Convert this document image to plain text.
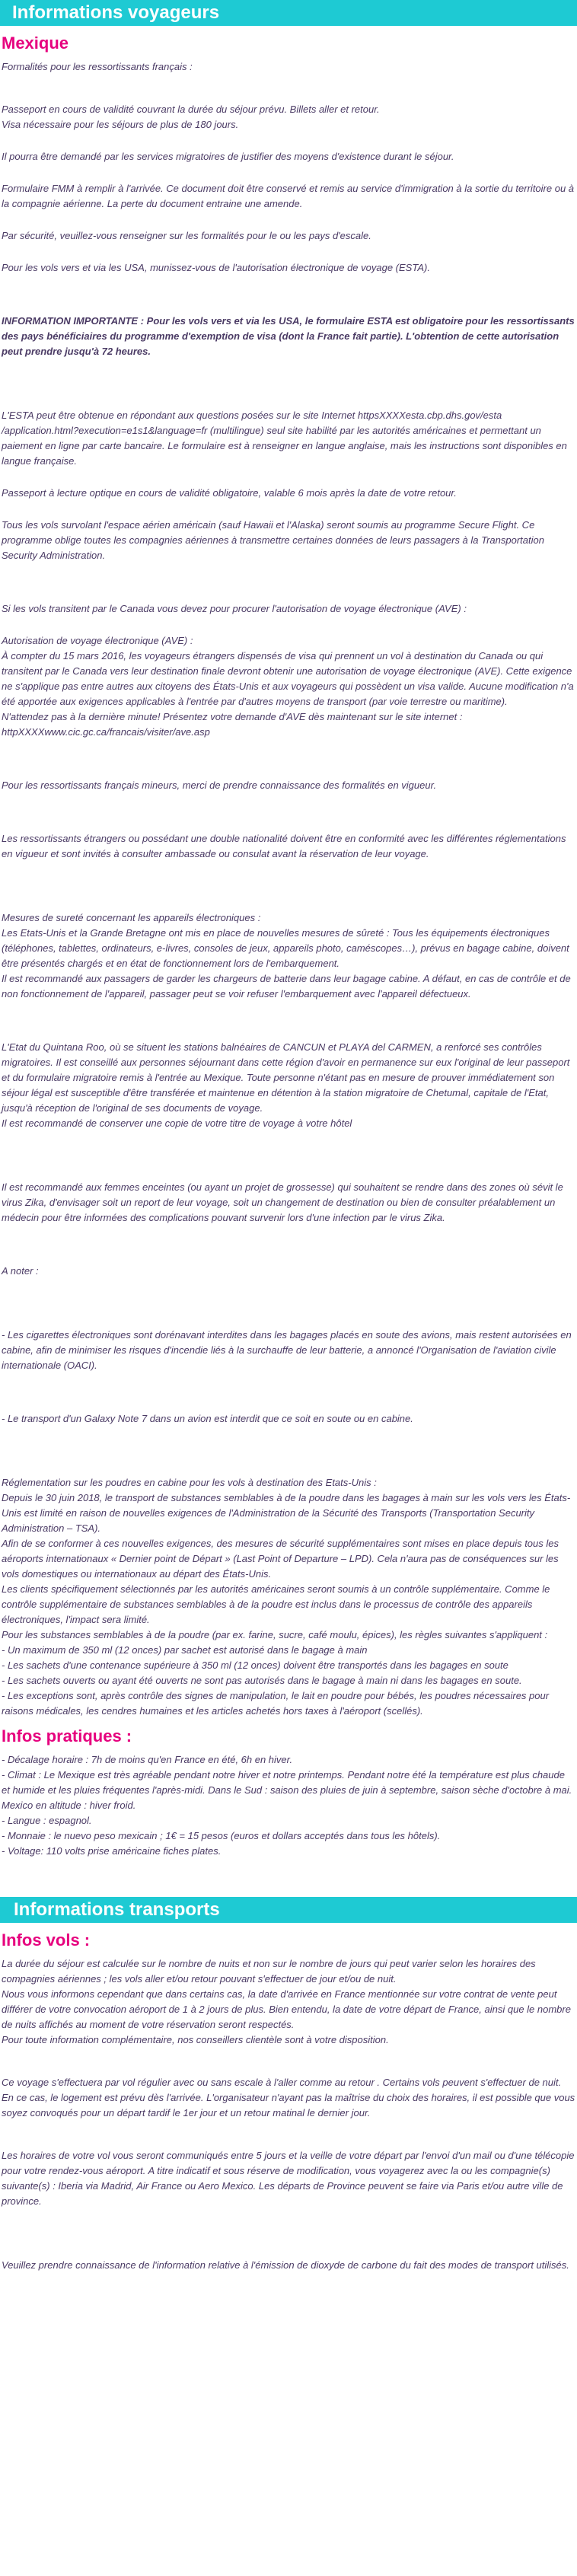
Informations voyageurs
Mexique

Formalités pour les ressortissants français :

Passeport en cours de validité couvrant la durée du séjour prévu. Billets aller et retour.
Visa nécessaire pour les séjours de plus de 180 jours.

Il pourra être demandé par les services migratoires de justifier des moyens d'existence durant le séjour.

Formulaire FMM à remplir à l'arrivée. Ce document doit être conservé et remis au service d'immigration à la sortie du territoire ou à la compagnie aérienne. La perte du document entraine une amende.

Par sécurité, veuillez-vous renseigner sur les formalités pour le ou les pays d'escale.

Pour les vols vers et via les USA, munissez-vous de l'autorisation électronique de voyage (ESTA).

INFORMATION IMPORTANTE : Pour les vols vers et via les USA, le formulaire ESTA est obligatoire pour les ressortissants des pays bénéficiaires du programme d'exemption de visa (dont la France fait partie). L'obtention de cette autorisation peut prendre jusqu'à 72 heures.

L'ESTA peut être obtenue en répondant aux questions posées sur le site Internet httpsXXXXesta.cbp.dhs.gov/esta /application.html?execution=e1s1&language=fr (multilingue) seul site habilité par les autorités américaines et permettant un paiement en ligne par carte bancaire. Le formulaire est à renseigner en langue anglaise, mais les instructions sont disponibles en langue française.

Passeport à lecture optique en cours de validité obligatoire, valable 6 mois après la date de votre retour.

Tous les vols survolant l'espace aérien américain (sauf Hawaii et l'Alaska) seront soumis au programme Secure Flight. Ce programme oblige toutes les compagnies aériennes à transmettre certaines données de leurs passagers à la Transportation Security Administration.

Si les vols transitent par le Canada vous devez pour procurer l'autorisation de voyage électronique (AVE) :

Autorisation de voyage électronique (AVE) :
À compter du 15 mars 2016, les voyageurs étrangers dispensés de visa qui prennent un vol à destination du Canada ou qui transitent par le Canada vers leur destination finale devront obtenir une autorisation de voyage électronique (AVE). Cette exigence ne s'applique pas entre autres aux citoyens des États-Unis et aux voyageurs qui possèdent un visa valide. Aucune modification n'a été apportée aux exigences applicables à l'entrée par d'autres moyens de transport (par voie terrestre ou maritime).
N'attendez pas à la dernière minute! Présentez votre demande d'AVE dès maintenant sur le site internet : httpXXXXwww.cic.gc.ca/francais/visiter/ave.asp

Pour les ressortissants français mineurs, merci de prendre connaissance des formalités en vigueur.

Les ressortissants étrangers ou possédant une double nationalité doivent être en conformité avec les différentes réglementations en vigueur et sont invités à consulter ambassade ou consulat avant la réservation de leur voyage.

Mesures de sureté concernant les appareils électroniques :
Les Etats-Unis et la Grande Bretagne ont mis en place de nouvelles mesures de sûreté : Tous les équipements électroniques (téléphones, tablettes, ordinateurs, e-livres, consoles de jeux, appareils photo, caméscopes…), prévus en bagage cabine, doivent être présentés chargés et en état de fonctionnement lors de l'embarquement.
Il est recommandé aux passagers de garder les chargeurs de batterie dans leur bagage cabine. A défaut, en cas de contrôle et de non fonctionnement de l'appareil, passager peut se voir refuser l'embarquement avec l'appareil défectueux.

L'Etat du Quintana Roo, où se situent les stations balnéaires de CANCUN et PLAYA del CARMEN, a renforcé ses contrôles migratoires. Il est conseillé aux personnes séjournant dans cette région d'avoir en permanence sur eux l'original de leur passeport et du formulaire migratoire remis à l'entrée au Mexique. Toute personne n'étant pas en mesure de prouver immédiatement son séjour légal est susceptible d'être transférée et maintenue en détention à la station migratoire de Chetumal, capitale de l'Etat, jusqu'à réception de l'original de ses documents de voyage.
Il est recommandé de conserver une copie de votre titre de voyage à votre hôtel

Il est recommandé aux femmes enceintes (ou ayant un projet de grossesse) qui souhaitent se rendre dans des zones où sévit le virus Zika, d'envisager soit un report de leur voyage, soit un changement de destination ou bien de consulter préalablement un médecin pour être informées des complications pouvant survenir lors d'une infection par le virus Zika.

A noter :

- Les cigarettes électroniques sont dorénavant interdites dans les bagages placés en soute des avions, mais restent autorisées en cabine, afin de minimiser les risques d'incendie liés à la surchauffe de leur batterie, a annoncé l'Organisation de l'aviation civile internationale (OACI).

- Le transport d'un Galaxy Note 7 dans un avion est interdit que ce soit en soute ou en cabine.

Réglementation sur les poudres en cabine pour les vols à destination des Etats-Unis :
Depuis le 30 juin 2018, le transport de substances semblables à de la poudre dans les bagages à main sur les vols vers les États-Unis est limité en raison de nouvelles exigences de l'Administration de la Sécurité des Transports (Transportation Security Administration – TSA).
Afin de se conformer à ces nouvelles exigences, des mesures de sécurité supplémentaires sont mises en place depuis tous les aéroports internationaux « Dernier point de Départ » (Last Point of Departure – LPD). Cela n'aura pas de conséquences sur les vols domestiques ou internationaux au départ des États-Unis.
Les clients spécifiquement sélectionnés par les autorités américaines seront soumis à un contrôle supplémentaire. Comme le contrôle supplémentaire de substances semblables à de la poudre est inclus dans le processus de contrôle des appareils électroniques, l'impact sera limité.
Pour les substances semblables à de la poudre (par ex. farine, sucre, café moulu, épices), les règles suivantes s'appliquent :
- Un maximum de 350 ml (12 onces) par sachet est autorisé dans le bagage à main
- Les sachets d'une contenance supérieure à 350 ml (12 onces) doivent être transportés dans les bagages en soute
- Les sachets ouverts ou ayant été ouverts ne sont pas autorisés dans le bagage à main ni dans les bagages en soute.
- Les exceptions sont, après contrôle des signes de manipulation, le lait en poudre pour bébés, les poudres nécessaires pour raisons médicales, les cendres humaines et les articles achetés hors taxes à l'aéroport (scellés).

Infos pratiques :

- Décalage horaire : 7h de moins qu'en France en été, 6h en hiver.
- Climat : Le Mexique est très agréable pendant notre hiver et notre printemps. Pendant notre été la température est plus chaude et humide et les pluies fréquentes l'après-midi. Dans le Sud : saison des pluies de juin à septembre, saison sèche d'octobre à mai. Mexico en altitude : hiver froid.
- Langue : espagnol.
- Monnaie : le nuevo peso mexicain ; 1€ = 15 pesos (euros et dollars acceptés dans tous les hôtels).
- Voltage: 110 volts prise américaine fiches plates.

Informations transports
Infos vols :

La durée du séjour est calculée sur le nombre de nuits et non sur le nombre de jours qui peut varier selon les horaires des compagnies aériennes ; les vols aller et/ou retour pouvant s'effectuer de jour et/ou de nuit.
Nous vous informons cependant que dans certains cas, la date d'arrivée en France mentionnée sur votre contrat de vente peut différer de votre convocation aéroport de 1 à 2 jours de plus. Bien entendu, la date de votre départ de France, ainsi que le nombre de nuits affichés au moment de votre réservation seront respectés.
Pour toute information complémentaire, nos conseillers clientèle sont à votre disposition.

Ce voyage s'effectuera par vol régulier avec ou sans escale à l'aller comme au retour . Certains vols peuvent s'effectuer de nuit. En ce cas, le logement est prévu dès l'arrivée. L'organisateur n'ayant pas la maîtrise du choix des horaires, il est possible que vous soyez convoqués pour un départ tardif le 1er jour et un retour matinal le dernier jour.

Les horaires de votre vol vous seront communiqués entre 5 jours et la veille de votre départ par l'envoi d'un mail ou d'une télécopie pour votre rendez-vous aéroport. A titre indicatif et sous réserve de modification, vous voyagerez avec la ou les compagnie(s) suivante(s) : Iberia via Madrid, Air France ou Aero Mexico. Les départs de Province peuvent se faire via Paris et/ou autre ville de province.

Veuillez prendre connaissance de l'information relative à l'émission de dioxyde de carbone du fait des modes de transport utilisés.
